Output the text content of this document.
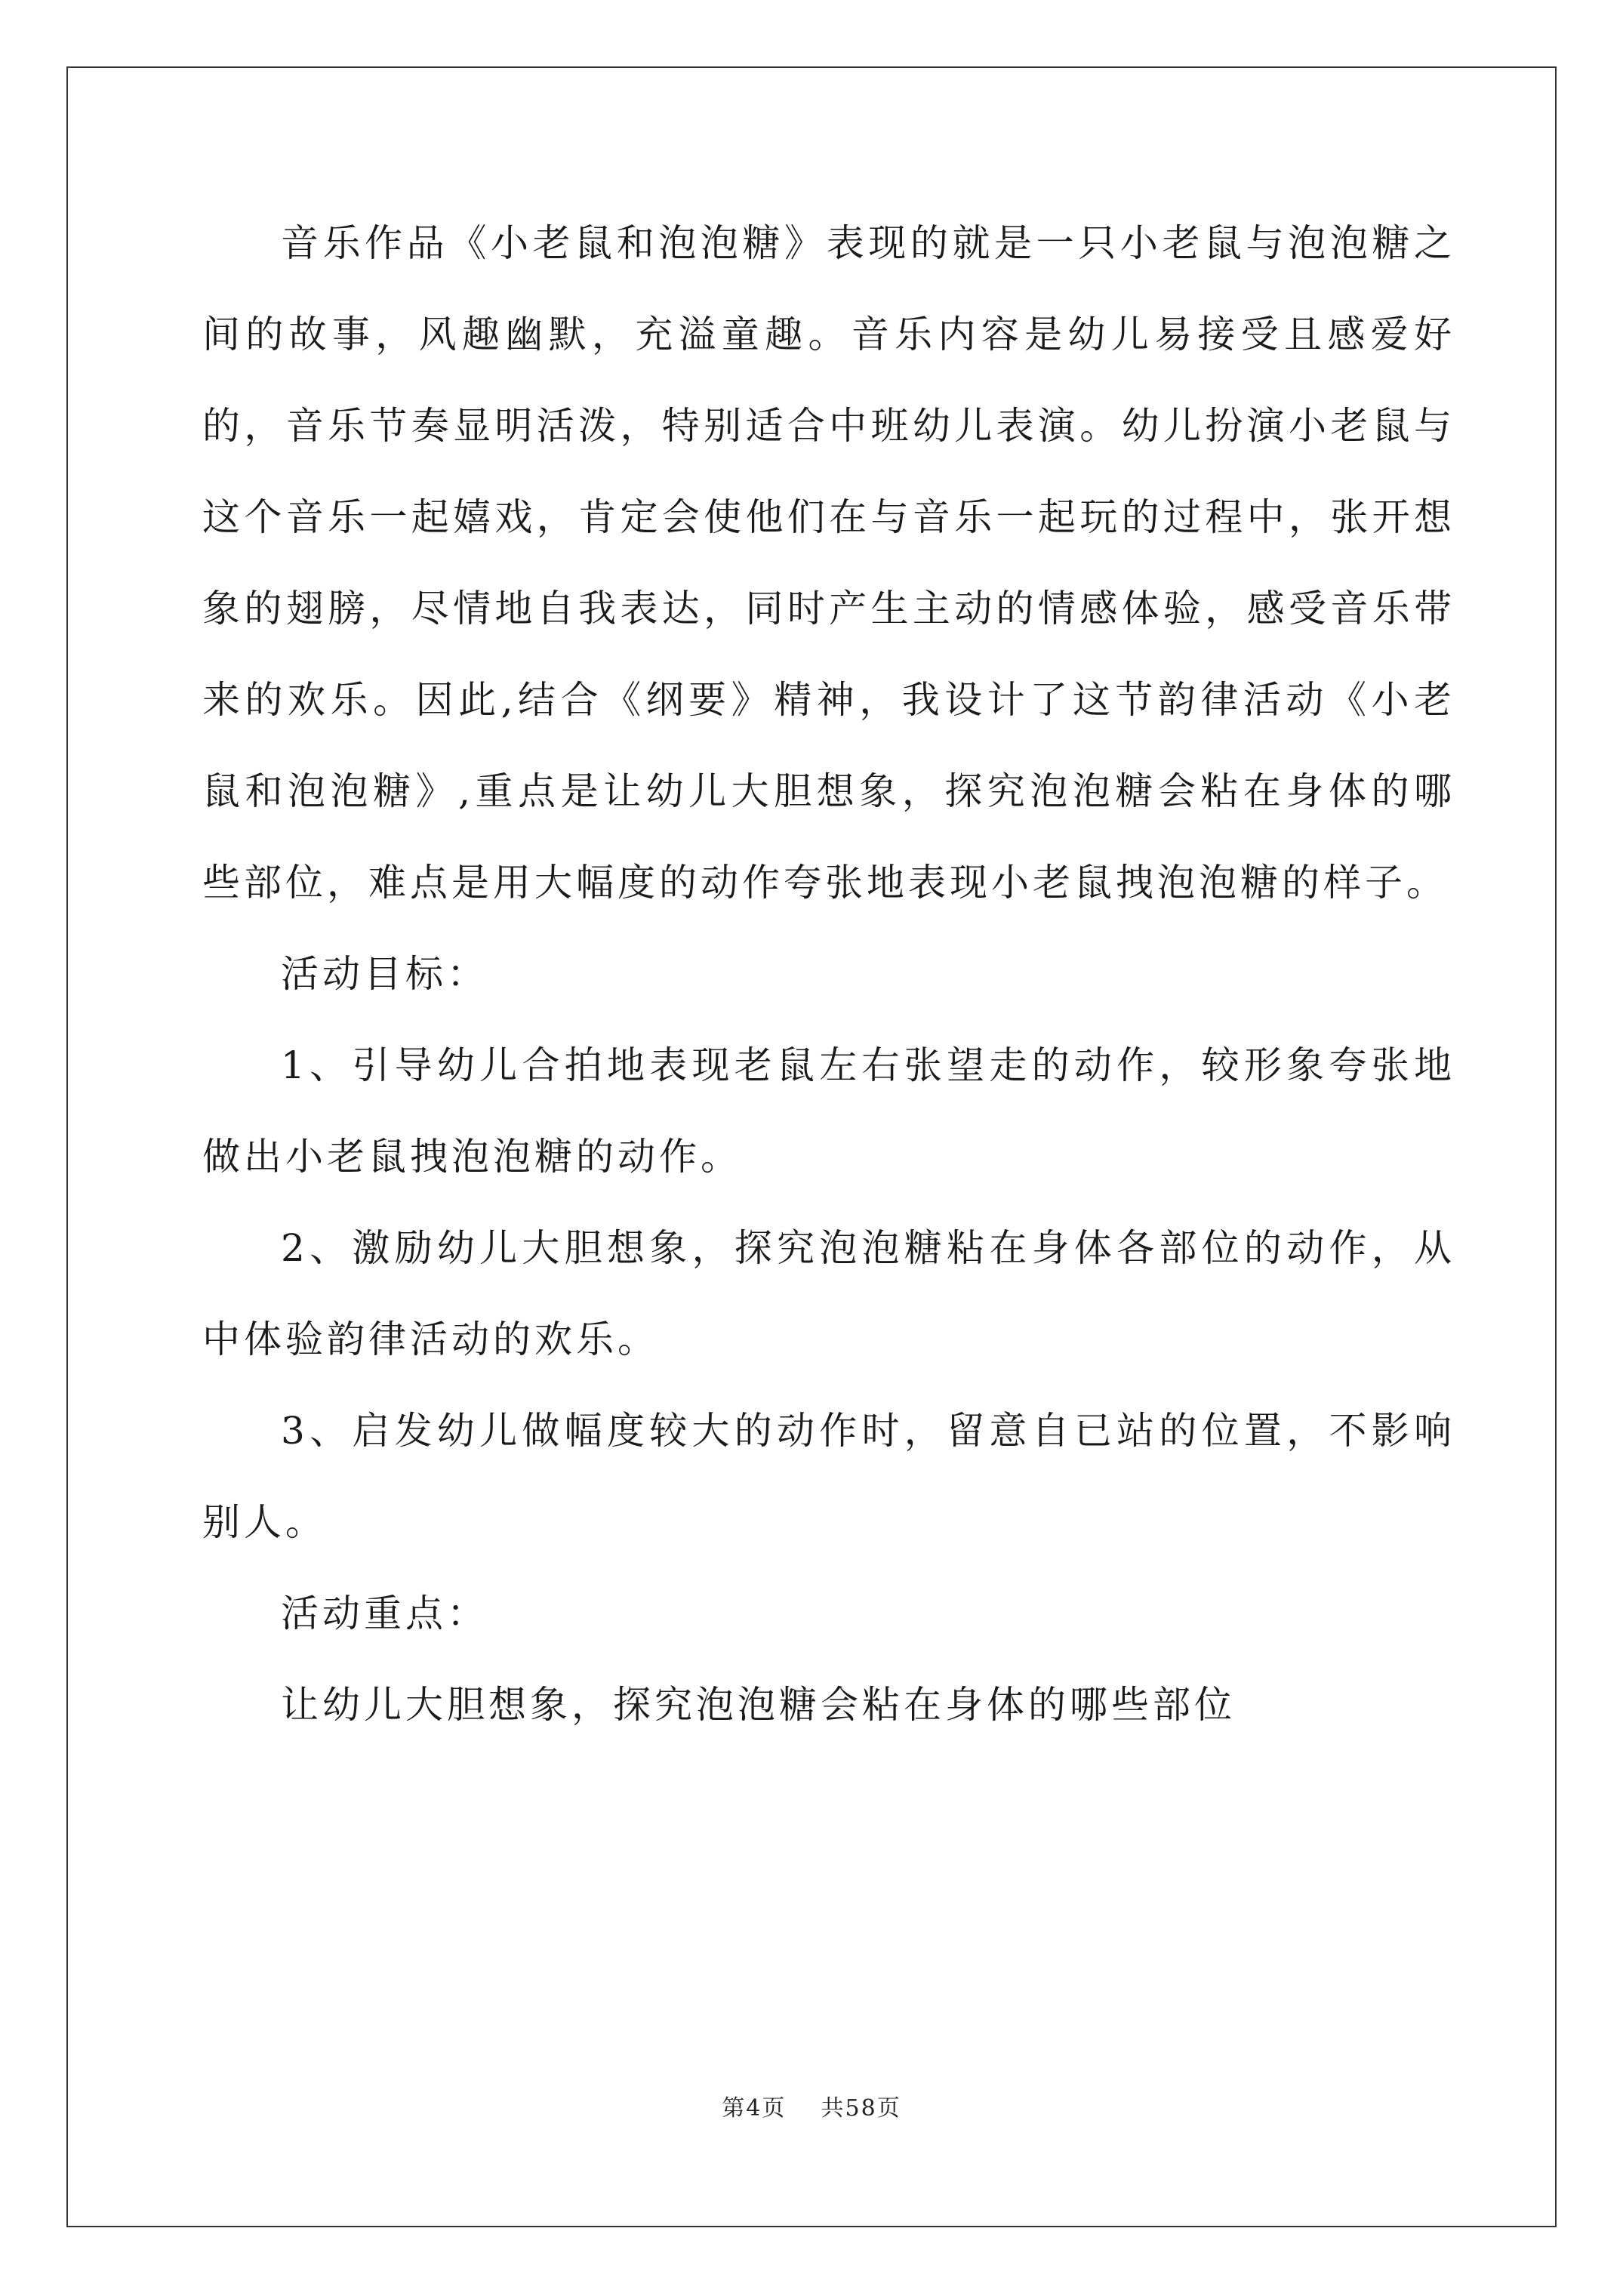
音乐作品《小老鼠和泡泡糖》表现的就是一只小老鼠与泡泡糖之间的故事，风趣幽默，充溢童趣。音乐内容是幼儿易接受且感爱好的，音乐节奏显明活泼，特别适合中班幼儿表演。幼儿扮演小老鼠与这个音乐一起嬉戏，肯定会使他们在与音乐一起玩的过程中，张开想象的翅膀，尽情地自我表达，同时产生主动的情感体验，感受音乐带来的欢乐。因此,结合《纲要》精神，我设计了这节韵律活动《小老鼠和泡泡糖》,重点是让幼儿大胆想象，探究泡泡糖会粘在身体的哪些部位，难点是用大幅度的动作夸张地表现小老鼠拽泡泡糖的样子。

活动目标：

1、引导幼儿合拍地表现老鼠左右张望走的动作，较形象夸张地做出小老鼠拽泡泡糖的动作。

2、激励幼儿大胆想象，探究泡泡糖粘在身体各部位的动作，从中体验韵律活动的欢乐。

3、启发幼儿做幅度较大的动作时，留意自已站的位置，不影响别人。

活动重点：

让幼儿大胆想象，探究泡泡糖会粘在身体的哪些部位

第4页 共58页
